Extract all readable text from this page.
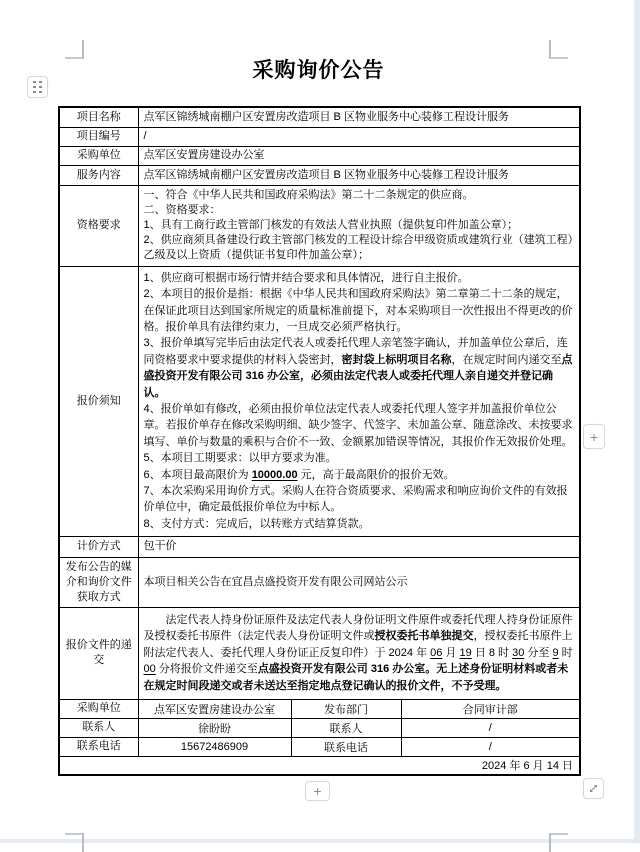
+
+
采购询价公告
项目名称	点军区锦绣城南棚户区安置房改造项目 B 区物业服务中心装修工程设计服务		
项目编号	/		
采购单位	点军区安置房建设办公室		
服务内容	点军区锦绣城南棚户区安置房改造项目 B 区物业服务中心装修工程设计服务		
资格要求	一、符合《中华人民共和国政府采购法》第二十二条规定的供应商。
二、资格要求：
1、具有工商行政主管部门核发的有效法人营业执照（提供复印件加盖公章）；
2、供应商须具备建设行政主管部门核发的工程设计综合甲级资质或建筑行业（建筑工程）乙级及以上资质（提供证书复印件加盖公章）；		

报价须知	
1、供应商可根据市场行情并结合要求和具体情况，进行自主报价。
2、本项目的报价是指：根据《中华人民共和国政府采购法》第二章第二十二条的规定，在保证此项目达到国家所规定的质量标准前提下，对本采购项目一次性报出不得更改的价格。报价单具有法律约束力，一旦成交必须严格执行。
3、报价单填写完毕后由法定代表人或委托代理人亲笔签字确认，并加盖单位公章后，连同资格要求中要求提供的材料入袋密封，密封袋上标明项目名称，在规定时间内递交至点盛投资开发有限公司 316 办公室，必须由法定代表人或委托代理人亲自递交并登记确认。
4、报价单如有修改，必须由报价单位法定代表人或委托代理人签字并加盖报价单位公章。若报价单存在修改采购明细、缺少签字、代签字、未加盖公章、随意涂改、未按要求填写、单价与数量的乘积与合价不一致、金额累加错误等情况，其报价作无效报价处理。
5、本项目工期要求：以甲方要求为准。
6、本项目最高限价为 10000.00 元，高于最高限价的报价无效。
7、本次采购采用询价方式。采购人在符合资质要求、采购需求和响应询价文件的有效报价单位中，确定最低报价单位为中标人。
8、支付方式：完成后，以转账方式结算货款。

计价方式	包干价		
发布公告的媒介和询价文件获取方式	本项目相关公告在宜昌点盛投资开发有限公司网站公示		
报价文件的递交	法定代表人持身份证原件及法定代表人身份证明文件原件或委托代理人持身份证原件及授权委托书原件（法定代表人身份证明文件或授权委托书单独提交，授权委托书原件上附法定代表人、委托代理人身份证正反复印件）于 2024 年 06 月 19 日 8 时 30 分至 9 时 00 分将报价文件递交至点盛投资开发有限公司 316 办公室。无上述身份证明材料或者未在规定时间段递交或者未送达至指定地点登记确认的报价文件，不予受理。		

采购单位	点军区安置房建设办公室	发布部门	合同审计部
联系人	徐盼盼	联系人	/
联系电话	15672486909	联系电话	/
2024 年 6 月 14 日			
